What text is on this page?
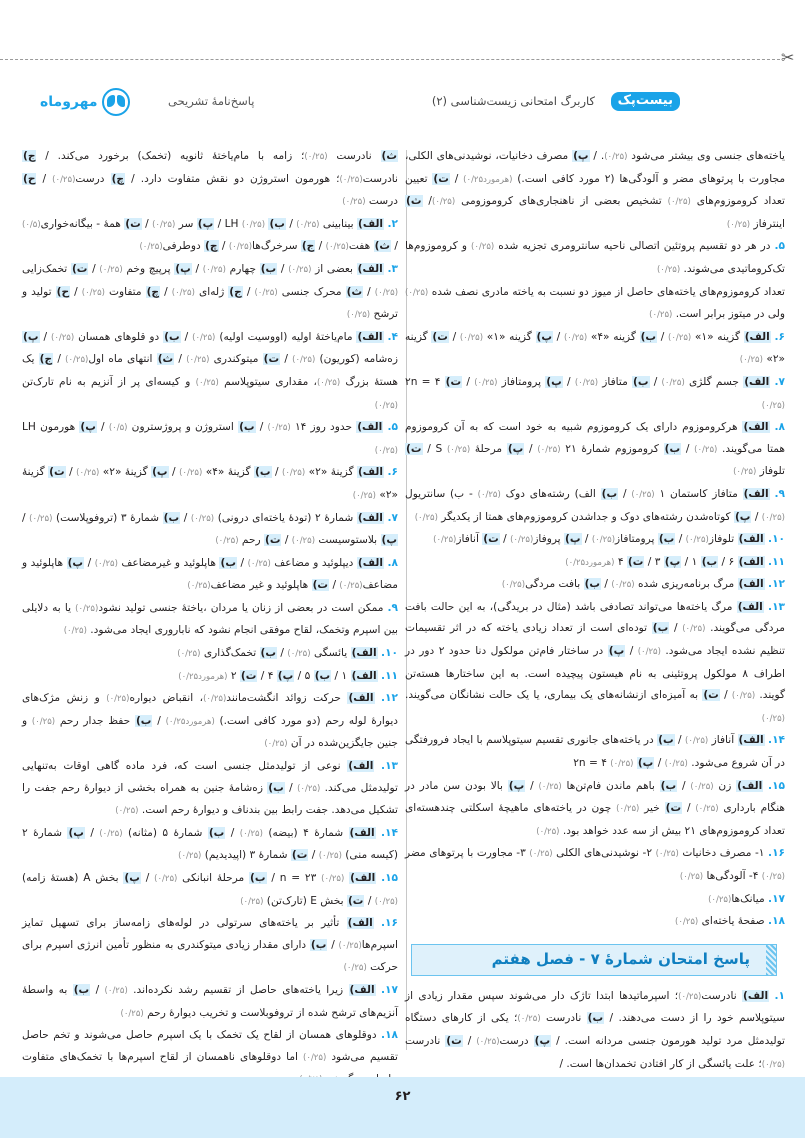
✂
بیست‌پک
کاربرگ امتحانی زیست‌شناسی (۲)
پاسخ‌نامهٔ تشریحی
مهروماه

یاخته‌های جنسی وی بیشتر می‌شود (۰/۲۵). / پ) مصرف دخانیات، نوشیدنی‌های الکلی، مجاورت با پرتوهای مضر و آلودگی‌ها (۲ مورد کافی است.) (هرمورد۰/۲۵) / ت) تعیین تعداد کروموزوم‌های (۰/۲۵) تشخیص بعضی از ناهنجاری‌های کروموزومی (۰/۲۵)/ ث) اینترفاز (۰/۲۵)

۵. در هر دو تقسیم پروتئین اتصالی ناحیه سانترومری تجزیه شده (۰/۲۵) و کروموزوم‌ها تک‌کروماتیدی می‌شوند. (۰/۲۵)

تعداد کروموزوم‌های یاخته‌های حاصل از میوز دو نسبت به یاخته مادری نصف شده (۰/۲۵) ولی در میتوز برابر است. (۰/۲۵)

۶. الف) گزینه «۱» (۰/۲۵) / ب) گزینه «۴» (۰/۲۵) / پ) گزینه «۱» (۰/۲۵) / ت) گزینه «۲» (۰/۲۵)

۷. الف) جسم گلژی (۰/۲۵) / ب) متافاز (۰/۲۵) / پ) پرومتافاز (۰/۲۵) / ت) ۲n = ۴ (۰/۲۵)

۸. الف) هرکروموزوم دارای یک کروموزوم شبیه به خود است که به آن کروموزوم همتا می‌گویند. (۰/۲۵) / ب) کروموزوم شمارهٔ ۲۱ (۰/۲۵) / پ) مرحلهٔ S (۰/۲۵) / ت) تلوفاز (۰/۲۵)

۹. الف) متافاز کاستمان ۱ (۰/۲۵) / ب) الف) رشته‌های دوک (۰/۲۵) - ب) سانتریول (۰/۲۵) / پ) کوتاه‌شدن رشته‌های دوک و جداشدن کروموزوم‌های همتا از یکدیگر (۰/۲۵)

۱۰. الف) تلوفاز(۰/۲۵) / ب) پرومتافاز(۰/۲۵) / پ) پروفاز(۰/۲۵) / ت) آنافاز(۰/۲۵)

۱۱. الف) ۶ / ب) ۱ / پ) ۳ / ت) ۴ (هرمورد۰/۲۵)

۱۲. الف) مرگ برنامه‌ریزی شده (۰/۲۵) / ب) بافت مردگی(۰/۲۵)

۱۳. الف) مرگ یاخته‌ها می‌تواند تصادفی باشد (مثال در بریدگی)، به این حالت بافت مردگی می‌گویند. (۰/۲۵) / ب) توده‌ای است از تعداد زیادی یاخته که در اثر تقسیمات تنظیم نشده ایجاد می‌شود. (۰/۲۵) / پ) در ساختار فام‌تن مولکول دنا حدود ۲ دور در اطراف ۸ مولکول پروتئینی به نام هیستون پیچیده است. به این ساختارها هسته‌تن گویند. (۰/۲۵) / ت) به آمیزه‌ای ازنشانه‌های یک بیماری، یا یک حالت نشانگان می‌گویند.(۰/۲۵)

۱۴. الف) آنافاز (۰/۲۵) / ب) در یاخته‌های جانوری تقسیم سیتوپلاسم با ایجاد فرورفتگی در آن شروع می‌شود. (۰/۲۵) / پ) ۲n = ۴ (۰/۲۵)

۱۵. الف) زن (۰/۲۵) / ب) باهم ماندن فام‌تن‌ها (۰/۲۵) / پ) بالا بودن سن مادر در هنگام بارداری (۰/۲۵) / ت) خیر (۰/۲۵) چون در یاخته‌های ماهیچهٔ اسکلتی چندهسته‌ای تعداد کروموزوم‌های ۲۱ بیش از سه عدد خواهد بود. (۰/۲۵)

۱۶. ۱- مصرف دخانیات (۰/۲۵) ۲- نوشیدنی‌های الکلی (۰/۲۵) ۳- مجاورت با پرتوهای مضر (۰/۲۵) ۴- آلودگی‌ها (۰/۲۵)

۱۷. میانک‌ها(۰/۲۵)

۱۸. صفحهٔ یاخته‌ای (۰/۲۵)

پاسخ امتحان شمارهٔ ۷ - فصل هفتم

۱. الف) نادرست(۰/۲۵)؛ اسپرماتیدها ابتدا تاژک دار می‌شوند سپس مقدار زیادی از سیتوپلاسم خود را از دست می‌دهند. / ب) نادرست (۰/۲۵)؛ یکی از کارهای دستگاه تولیدمثل مرد تولید هورمون جنسی مردانه است. / پ) درست(۰/۲۵) / ت) نادرست (۰/۲۵)؛ علت یائسگی از کار افتادن تخمدان‌ها است. /

ث) نادرست (۰/۲۵)؛ زامه با مام‌یاختهٔ ثانویه (تخمک) برخورد می‌کند. / ج) نادرست(۰/۲۵)؛ هورمون استروژن دو نقش متفاوت دارد. / چ) درست(۰/۲۵) / ح) درست (۰/۲۵)

۲. الف) بینابینی (۰/۲۵) / ب) LH (۰/۲۵) / پ) سر (۰/۲۵) / ت) همهٔ - بیگانه‌خواری(۰/۵) / ث) هفت(۰/۲۵) / ج) سرخرگ‌ها(۰/۲۵) / چ) دوطرفی(۰/۲۵)

۳. الف) بعضی از (۰/۲۵) / ب) چهارم (۰/۲۵) / پ) پرپیچ وخم (۰/۲۵) / ت) تخمک‌زایی (۰/۲۵) / ث) محرک جنسی (۰/۲۵) / ج) ژله‌ای (۰/۲۵) / چ) متفاوت (۰/۲۵) / ح) تولید و ترشح (۰/۲۵)

۴. الف) مام‌یاختهٔ اولیه (اووسیت اولیه) (۰/۲۵) / ب) دو قلوهای همسان (۰/۲۵) / پ) زه‌شامه (کوریون) (۰/۲۵) / ت) میتوکندری (۰/۲۵) / ث) انتهای ماه اول(۰/۲۵) / ج) یک هستهٔ بزرگ (۰/۲۵)، مقداری سیتوپلاسم (۰/۲۵) و کیسه‌ای پر از آنزیم به نام تارک‌تن (۰/۲۵)

۵. الف) حدود روز ۱۴ (۰/۲۵) / ب) استروژن و پروژسترون (۰/۵) / پ) هورمون LH (۰/۲۵)

۶. الف) گزینهٔ «۲» (۰/۲۵) / ب) گزینهٔ «۴» (۰/۲۵) / پ) گزینهٔ «۲» (۰/۲۵) / ت) گزینهٔ «۲» (۰/۲۵)

۷. الف) شمارهٔ ۲ (تودهٔ یاخته‌ای درونی) (۰/۲۵) / ب) شمارهٔ ۳ (تروفوپلاست) (۰/۲۵) / پ) بلاستوسیست (۰/۲۵) / ت) رحم (۰/۲۵)

۸. الف) دیپلوئید و مضاعف (۰/۲۵) / ب) هاپلوئید و غیرمضاعف (۰/۲۵) / پ) هاپلوئید و مضاعف(۰/۲۵) / ت) هاپلوئید و غیر مضاعف(۰/۲۵)

۹. ممکن است در بعضی از زنان یا مردان ،یاختهٔ جنسی تولید نشود(۰/۲۵) یا به دلایلی بین اسپرم وتخمک، لقاح موفقی انجام نشود که ناباروری ایجاد می‌شود. (۰/۲۵)

۱۰. الف) یائسگی (۰/۲۵) / ب) تخمک‌گذاری (۰/۲۵)

۱۱. الف) ۱ / ب) ۵ / پ) ۴ / ت) ۲ (هرمورد۰/۲۵)

۱۲. الف) حرکت زوائد انگشت‌مانند(۰/۲۵)، انقباض دیواره(۰/۲۵) و زنش مژک‌های دیوارهٔ لوله رحم (دو مورد کافی است.) (هرمورد۰/۲۵) / ب) حفظ جدار رحم (۰/۲۵) و جنین جایگزین‌شده در آن (۰/۲۵)

۱۳. الف) نوعی از تولیدمثل جنسی است که، فرد ماده گاهی اوقات به‌تنهایی تولیدمثل می‌کند. (۰/۲۵) / ب) زه‌شامهٔ جنین به همراه بخشی از دیوارهٔ رحم جفت را تشکیل می‌دهد. جفت رابط بین بندناف و دیوارهٔ رحم است. (۰/۲۵)

۱۴. الف) شمارهٔ ۴ (بیضه) (۰/۲۵) / ب) شمارهٔ ۵ (مثانه) (۰/۲۵) / پ) شمارهٔ ۲ (کیسه منی) (۰/۲۵) / ت) شمارهٔ ۳ (اپیدیدیم) (۰/۲۵)

۱۵. الف) n = ۲۳ (۰/۲۵) / ب) مرحلهٔ انبانکی (۰/۲۵) / پ) بخش A (هستهٔ زامه) (۰/۲۵) / ت) بخش E (تارک‌تن) (۰/۲۵)

۱۶. الف) تأثیر بر یاخته‌های سرتولی در لوله‌های زامه‌ساز برای تسهیل تمایز اسپرم‌ها(۰/۲۵) / ب) دارای مقدار زیادی میتوکندری به منظور تأمین انرژی اسپرم برای حرکت (۰/۲۵)

۱۷. الف) زیرا یاخته‌های حاصل از تقسیم رشد نکرده‌اند. (۰/۲۵) / ب) به واسطهٔ آنزیم‌های ترشح شده از تروفوبلاست و تخریب دیوارهٔ رحم (۰/۲۵)

۱۸. دوقلوهای همسان از لقاح یک تخمک با یک اسپرم حاصل می‌شوند و تخم حاصل تقسیم می‌شود (۰/۲۵) اما دوقلوهای ناهمسان از لقاح اسپرم‌ها با تخمک‌های متفاوت

۶۲
